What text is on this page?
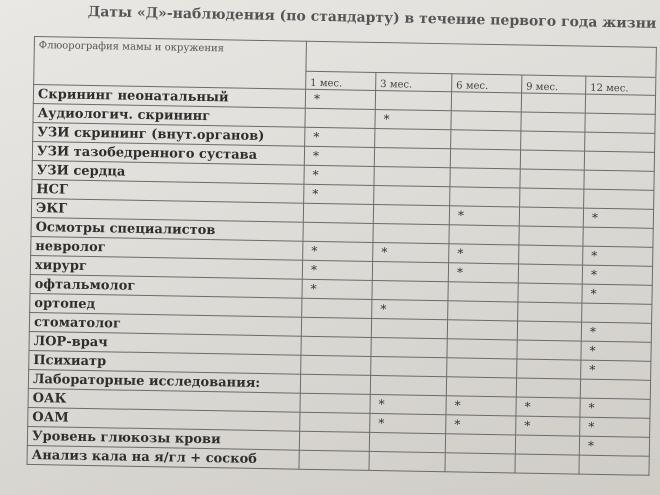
Даты «Д»-наблюдения (по стандарту) в течение первого года жизни
Флюорография мамы и окружения					
	1 мес.	3 мес.	6 мес.	9 мес.	12 мес.
Скрининг неонатальный	*				
Аудиологич. скрининг		*			
УЗИ скрининг (внут.органов)	*				
УЗИ тазобедренного сустава	*				
УЗИ сердца	*				
НСГ	*				
ЭКГ			*		*
Осмотры специалистов					
невролог	*	*	*		*
хирург	*		*		*
офтальмолог	*				*
ортопед		*			
стоматолог					*
ЛОР-врач					*
Психиатр					*
Лабораторные исследования:					
ОАК		*	*	*	*
ОАМ		*	*	*	*
Уровень глюкозы крови					*
Анализ кала на я/гл + соскоб					
